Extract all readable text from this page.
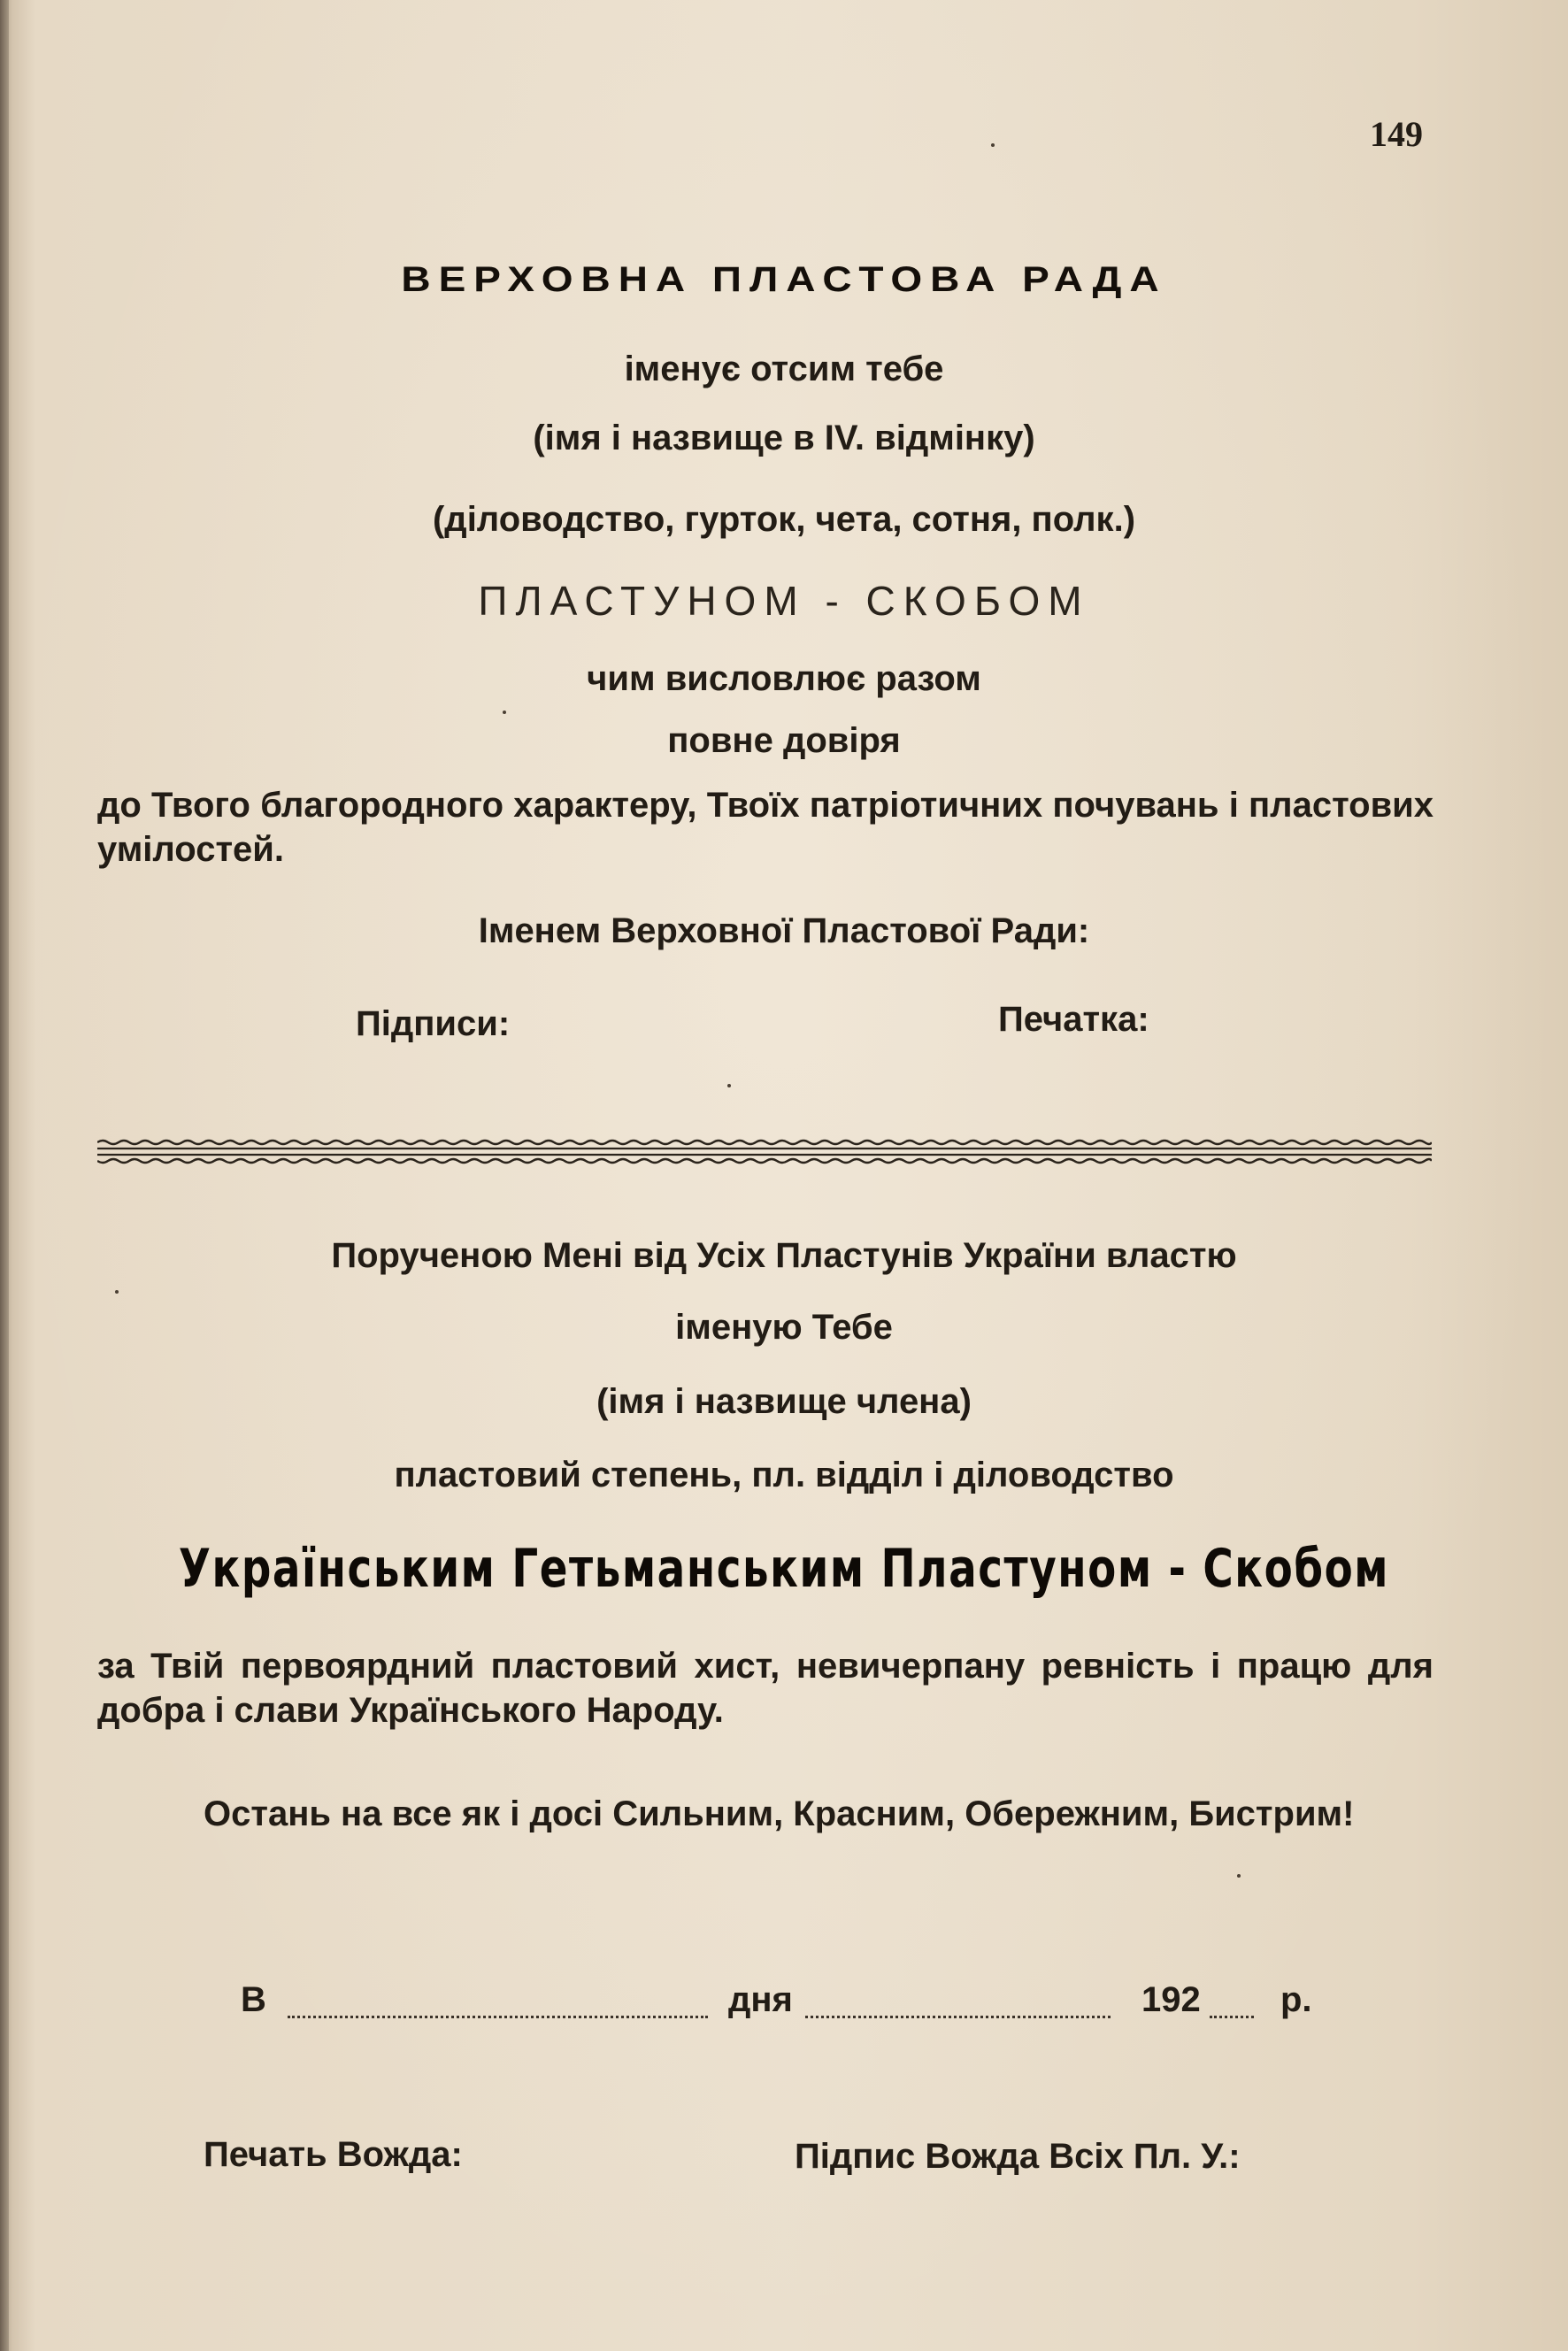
149
ВЕРХОВНА ПЛАСТОВА РАДА
іменує отсим тебе
(імя і назвище в IV. відмінку)
(діловодство, гурток, чета, сотня, полк.)
ПЛАСТУНОМ - СКОБОМ
чим висловлює разом
повне довіря
до Твого благородного характеру, Твоїх патріотичних почувань і пластових умілостей.
Іменем Верховної Пластової Ради:
Підписи:	Печатка:
Порученою Мені від Усіх Пластунів України властю
іменую Тебе
(імя і назвище члена)
пластовий степень, пл. відділ і діловодство
Українським Гетьманським Пластуном - Скобом
за Твій первоярдний пластовий хист, невичерпану ревність і працю для добра і слави Українського Народу.
Остань на все як і досі Сильним, Красним, Обережним, Бистрим!
В	дня	192 р.
Печать Вожда:	Підпис Вожда Всіх Пл. У.:
